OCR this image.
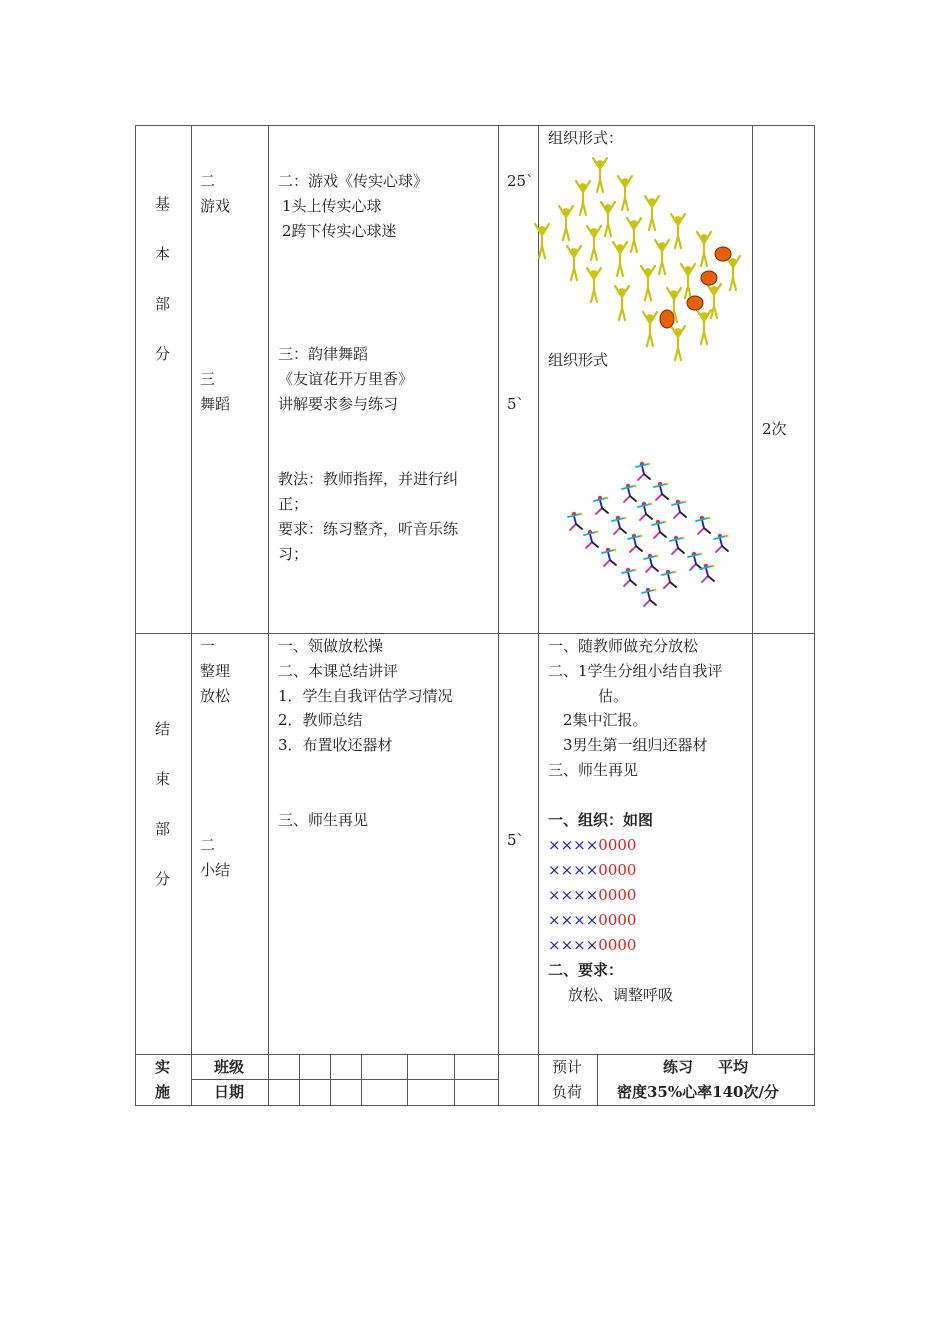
基
本
部
分
二
游戏
三
舞蹈
二：游戏《传实心球》
1头上传实心球
2跨下传实心球迷
三：韵律舞蹈
《友谊花开万里香》
讲解要求参与练习
教法：教师指挥，并进行纠
正；
要求：练习整齐，听音乐练
习；
25`
5`
组织形式：
组织形式
2次
结
束
部
分
一
整理
放松
二
小结
一、领做放松操
二、本课总结讲评
1．学生自我评估学习情况
2．教师总结
3．布置收还器材
三、师生再见
5`
一、随教师做充分放松
二、1学生分组小结自我评
估。
2集中汇报。
3男生第一组归还器材
三、师生再见
一、组织：如图
××××0000
××××0000
××××0000
××××0000
××××0000
二、要求：
放松、调整呼吸
实
施
班级
日期
预计
负荷
练习 平均
密度35%心率140次/分
